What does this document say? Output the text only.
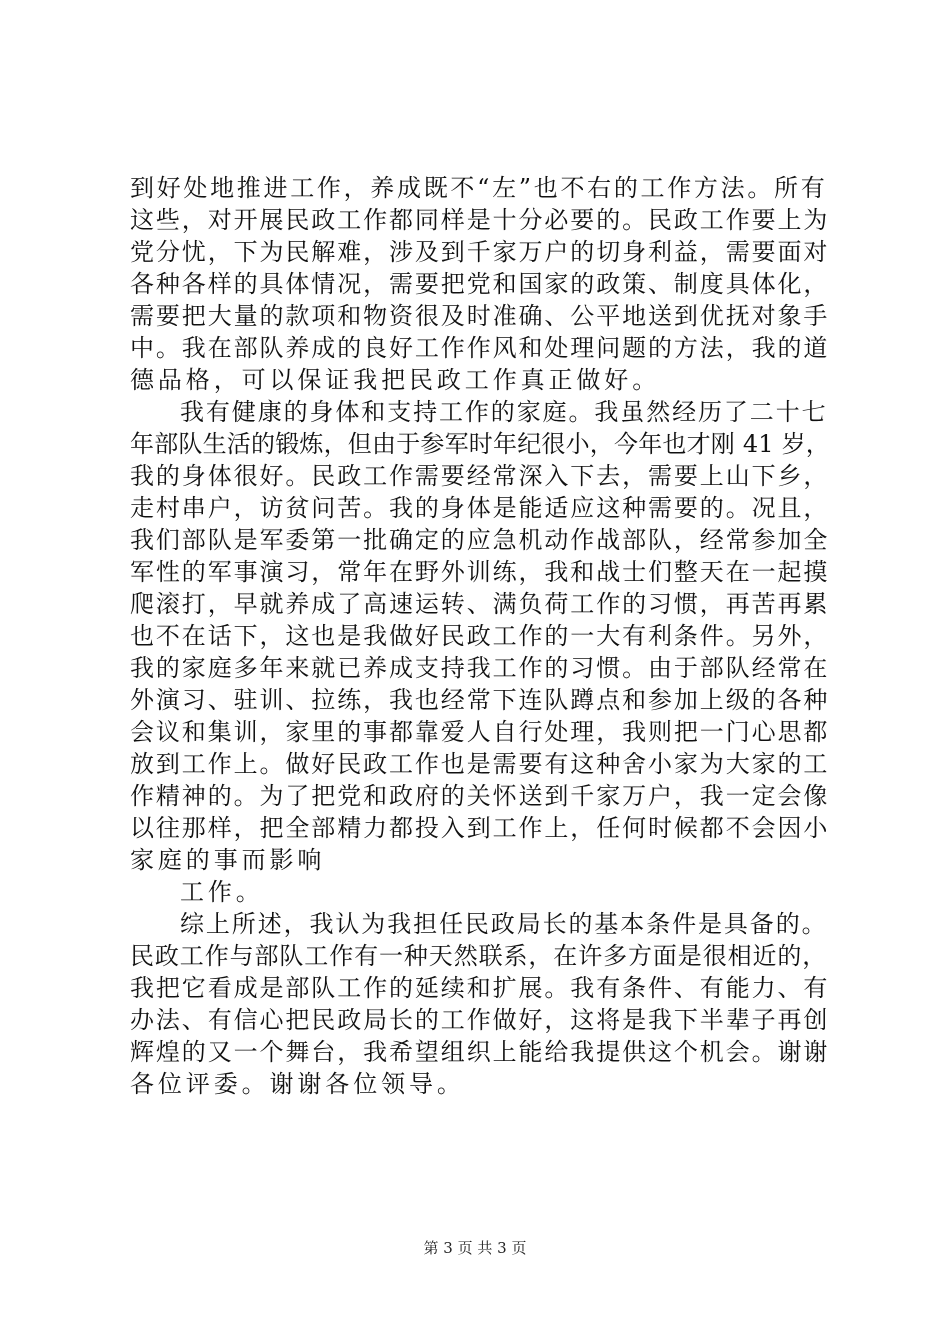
到好处地推进工作，养成既不“左”也不右的工作方法。所有
这些，对开展民政工作都同样是十分必要的。民政工作要上为
党分忧，下为民解难，涉及到千家万户的切身利益，需要面对
各种各样的具体情况，需要把党和国家的政策、制度具体化，
需要把大量的款项和物资很及时准确、公平地送到优抚对象手
中。我在部队养成的良好工作作风和处理问题的方法，我的道
德品格，可以保证我把民政工作真正做好。
我有健康的身体和支持工作的家庭。我虽然经历了二十七
年部队生活的锻炼，但由于参军时年纪很小，今年也才刚 41 岁，
我的身体很好。民政工作需要经常深入下去，需要上山下乡，
走村串户，访贫问苦。我的身体是能适应这种需要的。况且，
我们部队是军委第一批确定的应急机动作战部队，经常参加全
军性的军事演习，常年在野外训练，我和战士们整天在一起摸
爬滚打，早就养成了高速运转、满负荷工作的习惯，再苦再累
也不在话下，这也是我做好民政工作的一大有利条件。另外，
我的家庭多年来就已养成支持我工作的习惯。由于部队经常在
外演习、驻训、拉练，我也经常下连队蹲点和参加上级的各种
会议和集训，家里的事都靠爱人自行处理，我则把一门心思都
放到工作上。做好民政工作也是需要有这种舍小家为大家的工
作精神的。为了把党和政府的关怀送到千家万户，我一定会像
以往那样，把全部精力都投入到工作上，任何时候都不会因小
家庭的事而影响
工作。
综上所述，我认为我担任民政局长的基本条件是具备的。
民政工作与部队工作有一种天然联系，在许多方面是很相近的，
我把它看成是部队工作的延续和扩展。我有条件、有能力、有
办法、有信心把民政局长的工作做好，这将是我下半辈子再创
辉煌的又一个舞台，我希望组织上能给我提供这个机会。谢谢
各位评委。谢谢各位领导。
第 3 页 共 3 页
